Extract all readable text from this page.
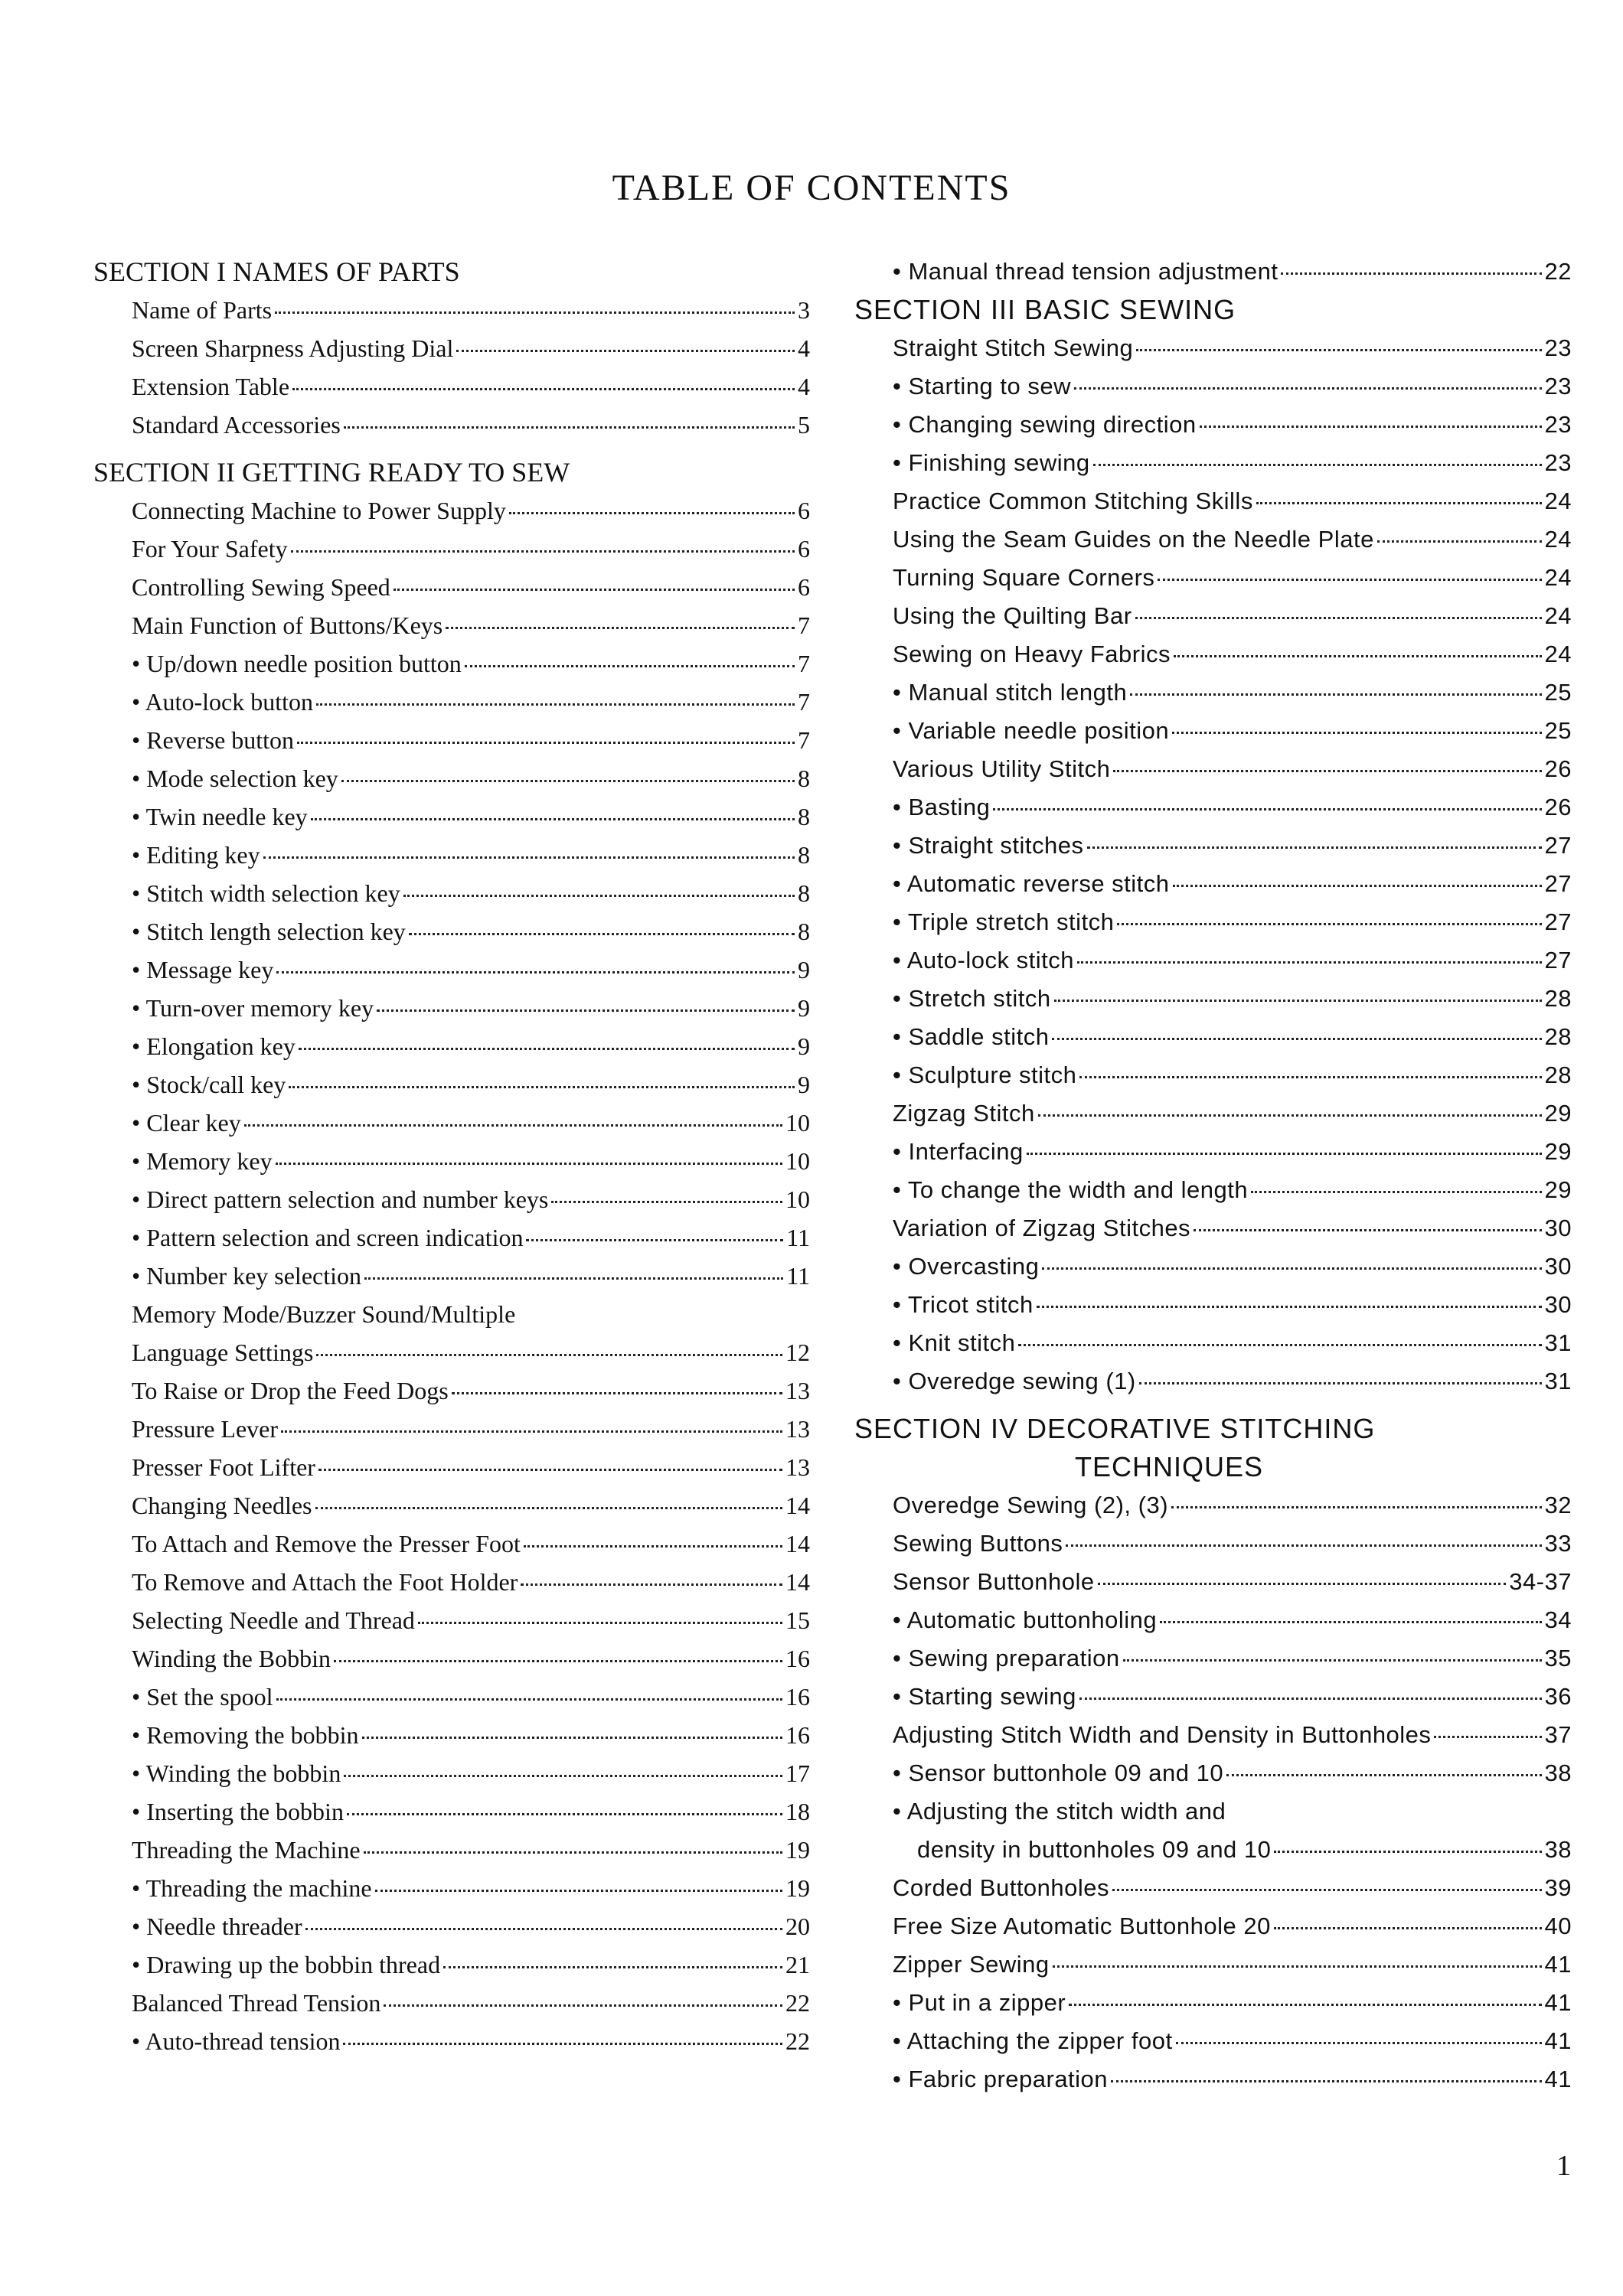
TABLE OF CONTENTS
SECTION I NAMES OF PARTS
Name of Parts	3
Screen Sharpness Adjusting Dial	4
Extension Table	4
Standard Accessories	5
SECTION II GETTING READY TO SEW
Connecting Machine to Power Supply	6
For Your Safety	6
Controlling Sewing Speed	6
Main Function of Buttons/Keys	7
• Up/down needle position button	7
• Auto-lock button	7
• Reverse button	7
• Mode selection key	8
• Twin needle key	8
• Editing key	8
• Stitch width selection key	8
• Stitch length selection key	8
• Message key	9
• Turn-over memory key	9
• Elongation key	9
• Stock/call key	9
• Clear key	10
• Memory key	10
• Direct pattern selection and number keys	10
• Pattern selection and screen indication	11
• Number key selection	11
Memory Mode/Buzzer Sound/Multiple
Language Settings	12
To Raise or Drop the Feed Dogs	13
Pressure Lever	13
Presser Foot Lifter	13
Changing Needles	14
To Attach and Remove the Presser Foot	14
To Remove and Attach the Foot Holder	14
Selecting Needle and Thread	15
Winding the Bobbin	16
• Set the spool	16
• Removing the bobbin	16
• Winding the bobbin	17
• Inserting the bobbin	18
Threading the Machine	19
• Threading the machine	19
• Needle threader	20
• Drawing up the bobbin thread	21
Balanced Thread Tension	22
• Auto-thread tension	22
• Manual thread tension adjustment	22
SECTION III BASIC SEWING
Straight Stitch Sewing	23
• Starting to sew	23
• Changing sewing direction	23
• Finishing sewing	23
Practice Common Stitching Skills	24
Using the Seam Guides on the Needle Plate	24
Turning Square Corners	24
Using the Quilting Bar	24
Sewing on Heavy Fabrics	24
• Manual stitch length	25
• Variable needle position	25
Various Utility Stitch	26
• Basting	26
• Straight stitches	27
• Automatic reverse stitch	27
• Triple stretch stitch	27
• Auto-lock stitch	27
• Stretch stitch	28
• Saddle stitch	28
• Sculpture stitch	28
Zigzag Stitch	29
• Interfacing	29
• To change the width and length	29
Variation of Zigzag Stitches	30
• Overcasting	30
• Tricot stitch	30
• Knit stitch	31
• Overedge sewing (1)	31
SECTION IV DECORATIVE STITCHING
TECHNIQUES
Overedge Sewing (2), (3)	32
Sewing Buttons	33
Sensor Buttonhole	34-37
• Automatic buttonholing	34
• Sewing preparation	35
• Starting sewing	36
Adjusting Stitch Width and Density in Buttonholes	37
• Sensor buttonhole 09 and 10	38
• Adjusting the stitch width and
density in buttonholes 09 and 10	38
Corded Buttonholes	39
Free Size Automatic Buttonhole 20	40
Zipper Sewing	41
• Put in a zipper	41
• Attaching the zipper foot	41
• Fabric preparation	41
1
